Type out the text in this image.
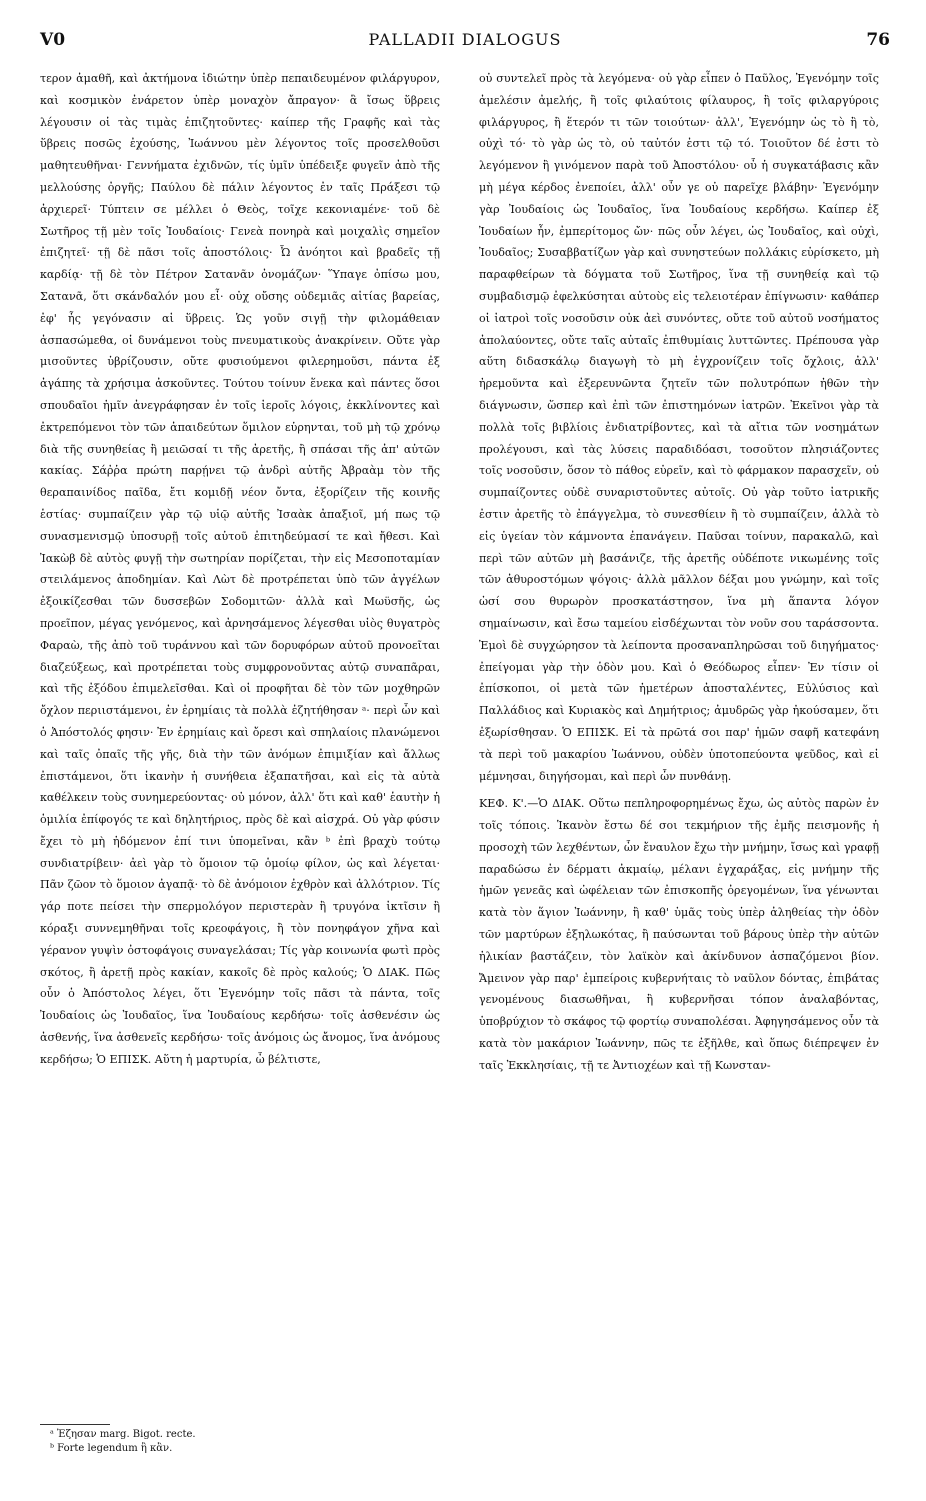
V0	PALLADII DIALOGUS	76

τερον ἀμαθῆ, καὶ ἀκτήμονα ἰδιώτην ὑπὲρ πεπαιδευμένον φιλάργυρον, καὶ κοσμικὸν ἐνάρετον ὑπὲρ μοναχὸν ἄπραγον· ἃ ἴσως ὕβρεις λέγουσιν οἱ τὰς τιμὰς ἐπιζητοῦντες· καίπερ τῆς Γραφῆς καὶ τὰς ὕβρεις ποσῶς ἐχούσης, Ἰωάννου μὲν λέγοντος τοῖς προσελθοῦσι μαθητευθῆναι· Γεννήματα ἐχιδνῶν, τίς ὑμῖν ὑπέδειξε φυγεῖν ἀπὸ τῆς μελλούσης ὀργῆς; Παύλου δὲ πάλιν λέγοντος ἐν ταῖς Πράξεσι τῷ ἀρχιερεῖ· Τύπτειν σε μέλλει ὁ Θεὸς, τοῖχε κεκονιαμένε· τοῦ δὲ Σωτῆρος τῇ μὲν τοῖς Ἰουδαίοις· Γενεὰ πονηρὰ καὶ μοιχαλὶς σημεῖον ἐπιζητεῖ· τῇ δὲ πᾶσι τοῖς ἀποστόλοις· Ὦ ἀνόητοι καὶ βραδεῖς τῇ καρδίᾳ· τῇ δὲ τὸν Πέτρον Σατανᾶν ὀνομάζων· Ὕπαγε ὀπίσω μου, Σατανᾶ, ὅτι σκάνδαλόν μου εἶ· οὐχ οὔσης οὐδεμιᾶς αἰτίας βαρείας, ἐφ' ἧς γεγόνασιν αἱ ὕβρεις. Ὡς γοῦν σιγῇ τὴν φιλομάθειαν ἀσπασώμεθα, οἱ δυνάμενοι τοὺς πνευματικοὺς ἀνακρίνειν. Οὔτε γὰρ μισοῦντες ὑβρίζουσιν, οὔτε φυσιούμενοι φιλερημοῦσι, πάντα ἐξ ἀγάπης τὰ χρήσιμα ἀσκοῦντες. Τούτου τοίνυν ἕνεκα καὶ πάντες ὅσοι σπουδαῖοι ἡμῖν ἀνεγράφησαν ἐν τοῖς ἱεροῖς λόγοις, ἐκκλίνοντες καὶ ἐκτρεπόμενοι τὸν τῶν ἀπαιδεύτων ὅμιλον εὑρηνται, τοῦ μὴ τῷ χρόνῳ διὰ τῆς συνηθείας ἢ μειῶσαί τι τῆς ἀρετῆς, ἢ σπάσαι τῆς ἀπ' αὐτῶν κακίας. Σάῤῥα πρώτη παρῄνει τῷ ἀνδρὶ αὐτῆς Ἀβραὰμ τὸν τῆς θεραπαινίδος παῖδα, ἔτι κομιδῇ νέον ὄντα, ἐξορίζειν τῆς κοινῆς ἑστίας· συμπαίζειν γὰρ τῷ υἱῷ αὐτῆς Ἰσαὰκ ἀπαξιοῖ, μή πως τῷ συνασμενισμῷ ὑποσυρῇ τοῖς αὐτοῦ ἐπιτηδεύμασί τε καὶ ἤθεσι. Καὶ Ἰακὼβ δὲ αὐτὸς φυγῇ τὴν σωτηρίαν πορίζεται, τὴν εἰς Μεσοποταμίαν στειλάμενος ἀποδημίαν. Καὶ Λὼτ δὲ προτρέπεται ὑπὸ τῶν ἀγγέλων ἐξοικίζεσθαι τῶν δυσσεβῶν Σοδομιτῶν· ἀλλὰ καὶ Μωϋσῆς, ὡς προεῖπον, μέγας γενόμενος, καὶ ἀρνησάμενος λέγεσθαι υἱὸς θυγατρὸς Φαραὼ, τῆς ἀπὸ τοῦ τυράννου καὶ τῶν δορυφόρων αὐτοῦ προνοεῖται διαζεύξεως, καὶ προτρέπεται τοὺς συμφρονοῦντας αὐτῷ συναπᾶραι, καὶ τῆς ἐξόδου ἐπιμελεῖσθαι. Καὶ οἱ προφῆται δὲ τὸν τῶν μοχθηρῶν ὄχλον περιιστάμενοι, ἐν ἐρημίαις τὰ πολλὰ ἐζητήθησαν ᵃ· περὶ ὧν καὶ ὁ Ἀπόστολός φησιν· Ἐν ἐρημίαις καὶ ὄρεσι καὶ σπηλαίοις πλανώμενοι καὶ ταῖς ὀπαῖς τῆς γῆς, διὰ τὴν τῶν ἀνόμων ἐπιμιξίαν καὶ ἄλλως ἐπιστάμενοι, ὅτι ἱκανὴν ἡ συνήθεια ἐξαπατῆσαι, καὶ εἰς τὰ αὐτὰ καθέλκειν τοὺς συνημερεύοντας· οὐ μόνον, ἀλλ' ὅτι καὶ καθ' ἑαυτὴν ἡ ὁμιλία ἐπίφογός τε καὶ δηλητήριος, πρὸς δὲ καὶ αἰσχρά. Οὐ γὰρ φύσιν ἔχει τὸ μὴ ἡδόμενον ἐπί τινι ὑπομεῖναι, κἂν ᵇ ἐπὶ βραχὺ τούτῳ συνδιατρίβειν· ἀεὶ γὰρ τὸ ὅμοιον τῷ ὁμοίῳ φίλον, ὡς καὶ λέγεται· Πᾶν ζῶον τὸ ὅμοιον ἀγαπᾷ· τὸ δὲ ἀνόμοιον ἐχθρὸν καὶ ἀλλότριον. Τίς γάρ ποτε πείσει τὴν σπερμολόγον περιστερὰν ἢ τρυγόνα ἰκτῖσιν ἢ κόραξι συννεμηθῆναι τοῖς κρεοφάγοις, ἢ τὸν πονηφάγον χῆνα καὶ γέρανον γυψὶν ὀστοφάγοις συναγελάσαι; Τίς γὰρ κοινωνία φωτὶ πρὸς σκότος, ἢ ἀρετῇ πρὸς κακίαν, κακοῖς δὲ πρὸς καλούς; Ὁ ΔΙΑΚ. Πῶς οὖν ὁ Ἀπόστολος λέγει, ὅτι Ἐγενόμην τοῖς πᾶσι τὰ πάντα, τοῖς Ἰουδαίοις ὡς Ἰουδαῖος, ἵνα Ἰουδαίους κερδήσω· τοῖς ἀσθενέσιν ὡς ἀσθενής, ἵνα ἀσθενεῖς κερδήσω· τοῖς ἀνόμοις ὡς ἄνομος, ἵνα ἀνόμους κερδήσω; Ὁ ΕΠΙΣΚ. Αὕτη ἡ μαρτυρία, ὦ βέλτιστε,

οὐ συντελεῖ πρὸς τὰ λεγόμενα· οὐ γὰρ εἶπεν ὁ Παῦλος, Ἐγενόμην τοῖς ἀμελέσιν ἀμελής, ἢ τοῖς φιλαύτοις φίλαυρος, ἢ τοῖς φιλαργύροις φιλάργυρος, ἢ ἕτερόν τι τῶν τοιούτων· ἀλλ', Ἐγενόμην ὡς τὸ ἢ τὸ, οὐχὶ τό· τὸ γὰρ ὡς τὸ, οὐ ταὐτόν ἐστι τῷ τό. Τοιοῦτον δέ ἐστι τὸ λεγόμενον ἢ γινόμενον παρὰ τοῦ Ἀποστόλου· οὗ ἡ συγκατάβασις κἂν μὴ μέγα κέρδος ἐνεποίει, ἀλλ' οὖν γε οὐ παρεῖχε βλάβην· Ἐγενόμην γὰρ Ἰουδαίοις ὡς Ἰουδαῖος, ἵνα Ἰουδαίους κερδήσω. Καίπερ ἐξ Ἰουδαίων ἦν, ἐμπερίτομος ὤν· πῶς οὖν λέγει, ὡς Ἰουδαῖος, καὶ οὐχὶ, Ἰουδαῖος; Συσαββατίζων γὰρ καὶ συνηστεύων πολλάκις εὑρίσκετο, μὴ παραφθείρων τὰ δόγματα τοῦ Σωτῆρος, ἵνα τῇ συνηθείᾳ καὶ τῷ συμβαδισμῷ ἐφελκύσηται αὐτοὺς εἰς τελειοτέραν ἐπίγνωσιν· καθάπερ οἱ ἰατροὶ τοῖς νοσοῦσιν οὐκ ἀεὶ συνόντες, οὔτε τοῦ αὐτοῦ νοσήματος ἀπολαύοντες, οὔτε ταῖς αὐταῖς ἐπιθυμίαις λυττῶντες. Πρέπουσα γὰρ αὕτη διδασκάλῳ διαγωγὴ τὸ μὴ ἐγχρονίζειν τοῖς ὄχλοις, ἀλλ' ἠρεμοῦντα καὶ ἐξερευνῶντα ζητεῖν τῶν πολυτρόπων ἠθῶν τὴν διάγνωσιν, ὥσπερ καὶ ἐπὶ τῶν ἐπιστημόνων ἰατρῶν. Ἐκεῖνοι γὰρ τὰ πολλὰ τοῖς βιβλίοις ἐνδιατρίβοντες, καὶ τὰ αἴτια τῶν νοσημάτων προλέγουσι, καὶ τὰς λύσεις παραδιδόασι, τοσοῦτον πλησιάζοντες τοῖς νοσοῦσιν, ὅσον τὸ πάθος εὑρεῖν, καὶ τὸ φάρμακον παρασχεῖν, οὐ συμπαίζοντες οὐδὲ συναριστοῦντες αὐτοῖς. Οὐ γὰρ τοῦτο ἰατρικῆς ἐστιν ἀρετῆς τὸ ἐπάγγελμα, τὸ συνεσθίειν ἢ τὸ συμπαίζειν, ἀλλὰ τὸ εἰς ὑγείαν τὸν κάμνοντα ἐπανάγειν. Παῦσαι τοίνυν, παρακαλῶ, καὶ περὶ τῶν αὐτῶν μὴ βασάνιζε, τῆς ἀρετῆς οὐδέποτε νικωμένης τοῖς τῶν ἀθυροστόμων ψόγοις· ἀλλὰ μᾶλλον δέξαι μου γνώμην, καὶ τοῖς ὠσί σου θυρωρὸν προσκατάστησον, ἵνα μὴ ἅπαντα λόγον σημαίνωσιν, καὶ ἔσω ταμείου εἰσδέχωνται τὸν νοῦν σου ταράσσοντα. Ἐμοὶ δὲ συγχώρησον τὰ λείποντα προσαναπληρῶσαι τοῦ διηγήματος· ἐπείγομαι γὰρ τὴν ὁδὸν μου. Καὶ ὁ Θεόδωρος εἶπεν· Ἐν τίσιν οἱ ἐπίσκοποι, οἱ μετὰ τῶν ἡμετέρων ἀποσταλέντες, Εὐλύσιος καὶ Παλλάδιος καὶ Κυριακὸς καὶ Δημήτριος; ἀμυδρῶς γὰρ ἠκούσαμεν, ὅτι ἐξωρίσθησαν. Ὁ ΕΠΙΣΚ. Εἰ τὰ πρῶτά σοι παρ' ἡμῶν σαφῆ κατεφάνη τὰ περὶ τοῦ μακαρίου Ἰωάννου, οὐδὲν ὑποτοπεύοντα ψεῦδος, καὶ εἰ μέμνησαι, διηγήσομαι, καὶ περὶ ὧν πυνθάνῃ.

ΚΕΦ. Κ'.—Ὁ ΔΙΑΚ. Οὕτω πεπληροφορημένως ἔχω, ὡς αὐτὸς παρὼν ἐν τοῖς τόποις. Ἱκανὸν ἔστω δέ σοι τεκμήριον τῆς ἐμῆς πεισμονῆς ἡ προσοχὴ τῶν λεχθέντων, ὧν ἔναυλον ἔχω τὴν μνήμην, ἴσως καὶ γραφῇ παραδώσω ἐν δέρματι ἀκμαίῳ, μέλανι ἐγχαράξας, εἰς μνήμην τῆς ἡμῶν γενεᾶς καὶ ὠφέλειαν τῶν ἐπισκοπῆς ὀρεγομένων, ἵνα γένωνται κατὰ τὸν ἅγιον Ἰωάννην, ἢ καθ' ὑμᾶς τοὺς ὑπὲρ ἀληθείας τὴν ὁδὸν τῶν μαρτύρων ἐξηλωκότας, ἢ παύσωνται τοῦ βάρους ὑπὲρ τὴν αὐτῶν ἡλικίαν βαστάζειν, τὸν λαϊκὸν καὶ ἀκίνδυνον ἀσπαζόμενοι βίον. Ἄμεινον γὰρ παρ' ἐμπείροις κυβερνήταις τὸ ναῦλον δόντας, ἐπιβάτας γενομένους διασωθῆναι, ἢ κυβερνῆσαι τόπον ἀναλαβόντας, ὑποβρύχιον τὸ σκάφος τῷ φορτίῳ συναπολέσαι. Ἀφηγησάμενος οὖν τὰ κατὰ τὸν μακάριον Ἰωάννην, πῶς τε ἐξῆλθε, καὶ ὅπως διέπρεψεν ἐν ταῖς Ἐκκλησίαις, τῇ τε Ἀντιοχέων καὶ τῇ Κωνσταν-

ᵃ Ἐζησαν marg. Bigot. recte.
ᵇ Forte legendum ἢ κἂν.
